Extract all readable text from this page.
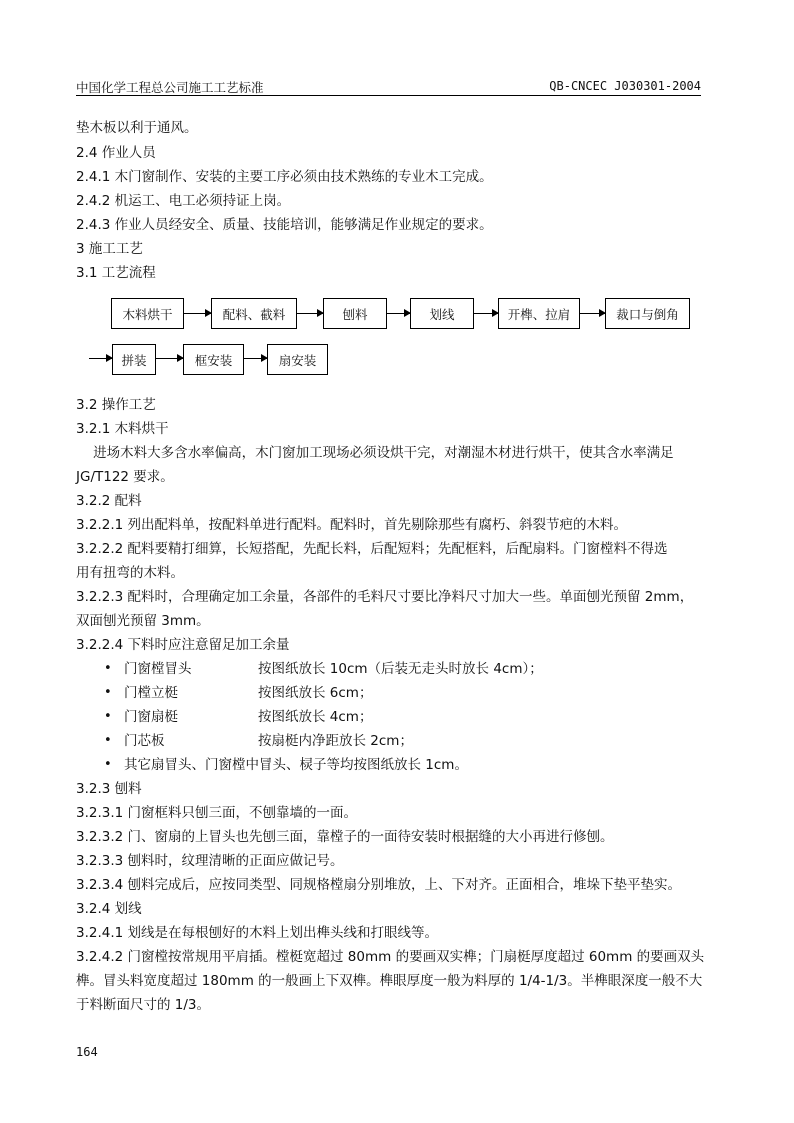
中国化学工程总公司施工工艺标准	QB-CNCEC J030301-2004
垫木板以利于通风。
2.4 作业人员
2.4.1 木门窗制作、安装的主要工序必须由技术熟练的专业木工完成。
2.4.2 机运工、电工必须持证上岗。
2.4.3 作业人员经安全、质量、技能培训，能够满足作业规定的要求。
3 施工工艺
3.1 工艺流程
木料烘干	配料、截料	刨料	划线	开榫、拉肩	裁口与倒角
拼装	框安装	扇安装
3.2 操作工艺
3.2.1 木料烘干
进场木料大多含水率偏高，木门窗加工现场必须设烘干完，对潮湿木材进行烘干，使其含水率满足
JG/T122 要求。
3.2.2 配料
3.2.2.1 列出配料单，按配料单进行配料。配料时，首先剔除那些有腐朽、斜裂节疤的木料。
3.2.2.2 配料要精打细算，长短搭配，先配长料，后配短料；先配框料，后配扇料。门窗樘料不得选
用有扭弯的木料。
3.2.2.3 配料时，合理确定加工余量，各部件的毛料尺寸要比净料尺寸加大一些。单面刨光预留 2mm，
双面刨光预留 3mm。
3.2.2.4 下料时应注意留足加工余量
• 门窗樘冒头	按图纸放长 10cm（后装无走头时放长 4cm）；
• 门樘立梃	按图纸放长 6cm；
• 门窗扇梃	按图纸放长 4cm；
• 门芯板	按扇梃内净距放长 2cm；
• 其它扇冒头、门窗樘中冒头、棂子等均按图纸放长 1cm。
3.2.3 刨料
3.2.3.1 门窗框料只刨三面，不刨靠墙的一面。
3.2.3.2 门、窗扇的上冒头也先刨三面，靠樘子的一面待安装时根据缝的大小再进行修刨。
3.2.3.3 刨料时，纹理清晰的正面应做记号。
3.2.3.4 刨料完成后，应按同类型、同规格樘扇分别堆放，上、下对齐。正面相合，堆垛下垫平垫实。
3.2.4 划线
3.2.4.1 划线是在每根刨好的木料上划出榫头线和打眼线等。
3.2.4.2 门窗樘按常规用平肩插。樘梃宽超过 80mm 的要画双实榫；门扇梃厚度超过 60mm 的要画双头
榫。冒头料宽度超过 180mm 的一般画上下双榫。榫眼厚度一般为料厚的 1/4-1/3。半榫眼深度一般不大
于料断面尺寸的 1/3。
164
